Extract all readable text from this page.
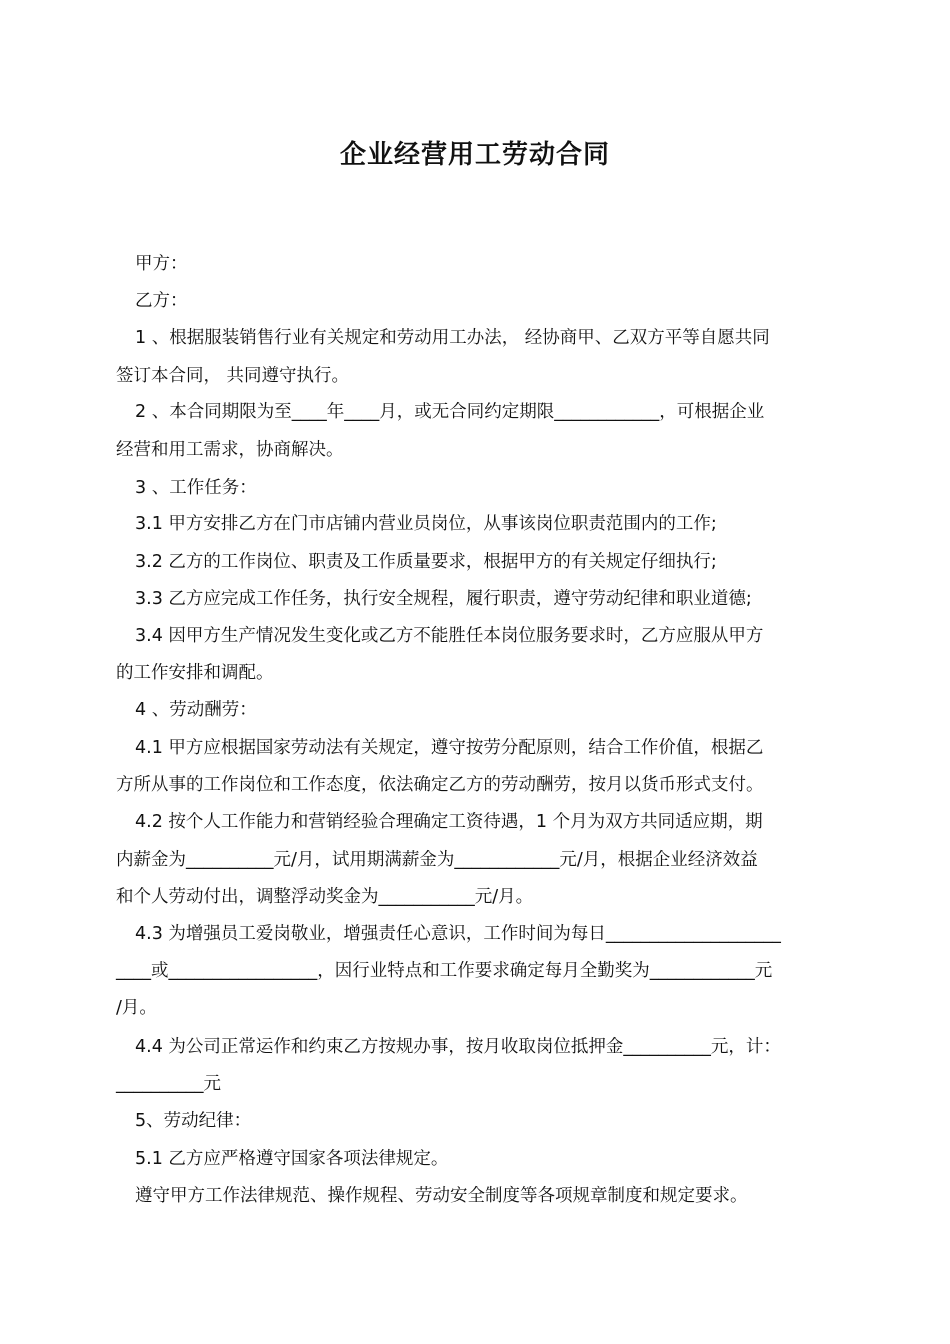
企业经营用工劳动合同
甲方：
乙方：
1 、根据服装销售行业有关规定和劳动用工办法， 经协商甲、乙双方平等自愿共同
签订本合同， 共同遵守执行。
2 、本合同期限为至____年____月，或无合同约定期限____________，可根据企业
经营和用工需求，协商解决。
3 、工作任务：
3.1 甲方安排乙方在门市店铺内营业员岗位，从事该岗位职责范围内的工作;
3.2 乙方的工作岗位、职责及工作质量要求，根据甲方的有关规定仔细执行;
3.3 乙方应完成工作任务，执行安全规程，履行职责，遵守劳动纪律和职业道德;
3.4 因甲方生产情况发生变化或乙方不能胜任本岗位服务要求时，乙方应服从甲方
的工作安排和调配。
4 、劳动酬劳：
4.1 甲方应根据国家劳动法有关规定，遵守按劳分配原则，结合工作价值，根据乙
方所从事的工作岗位和工作态度，依法确定乙方的劳动酬劳，按月以货币形式支付。
4.2 按个人工作能力和营销经验合理确定工资待遇，1 个月为双方共同适应期，期
内薪金为__________元/月，试用期满薪金为____________元/月，根据企业经济效益
和个人劳动付出，调整浮动奖金为___________元/月。
4.3 为增强员工爱岗敬业，增强责任心意识，工作时间为每日____________________
____或_________________，因行业特点和工作要求确定每月全勤奖为____________元
/月。
4.4 为公司正常运作和约束乙方按规办事，按月收取岗位抵押金__________元，计：
__________元
5、劳动纪律：
5.1 乙方应严格遵守国家各项法律规定。
遵守甲方工作法律规范、操作规程、劳动安全制度等各项规章制度和规定要求。
